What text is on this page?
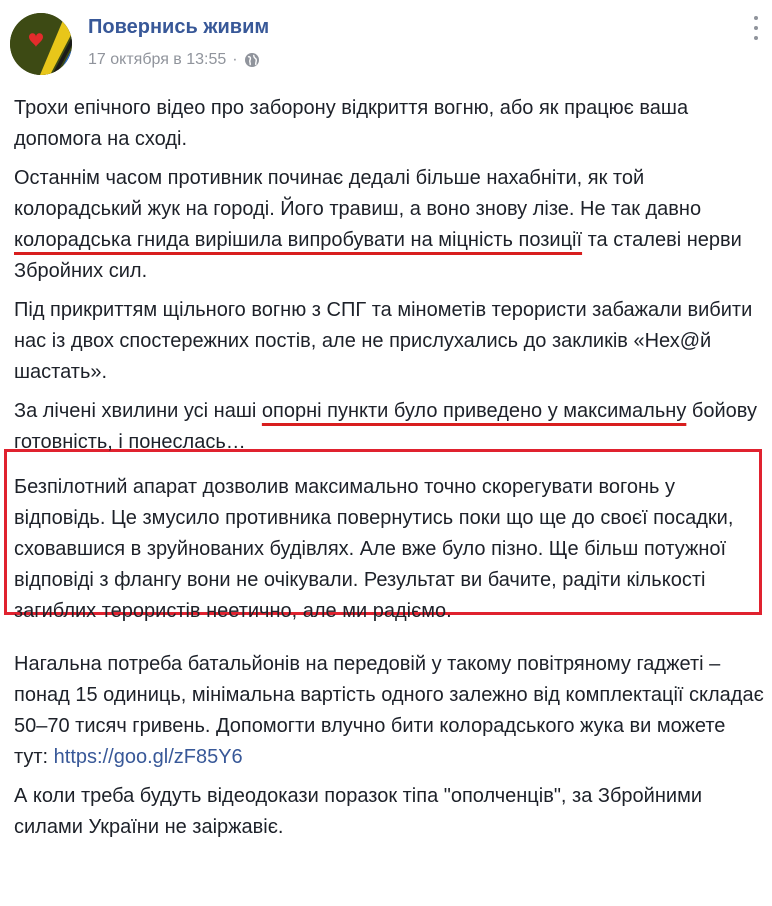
Повернись живим
17 октября в 13:55 ·

Трохи епічного відео про заборону відкриття вогню, або як працює ваша допомога на сході.

Останнім часом противник починає дедалі більше нахабніти, як той колорадський жук на городі. Його травиш, а воно знову лізе. Не так давно колорадська гнида вирішила випробувати на міцність позиції та сталеві нерви Збройних сил.

Під прикриттям щільного вогню з СПГ та мінометів терористи забажали вибити нас із двох спостережних постів, але не прислухались до закликів «Нех@й шастать».

За лічені хвилини усі наші опорні пункти було приведено у максимальну бойову готовність, і понеслась…

Безпілотний апарат дозволив максимально точно скорегувати вогонь у відповідь. Це змусило противника повернутись поки що ще до своєї посадки, сховавшися в зруйнованих будівлях. Але вже було пізно. Ще більш потужної відповіді з флангу вони не очікували. Результат ви бачите, радіти кількості загиблих терористів неетично, але ми радіємо.

Нагальна потреба батальйонів на передовій у такому повітряному гаджеті – понад 15 одиниць, мінімальна вартість одного залежно від комплектації складає 50–70 тисяч гривень. Допомогти влучно бити колорадського жука ви можете тут: https://goo.gl/zF85Y6

А коли треба будуть відеодокази поразок тіпа "ополченців", за Збройними силами України не заіржавіє.
